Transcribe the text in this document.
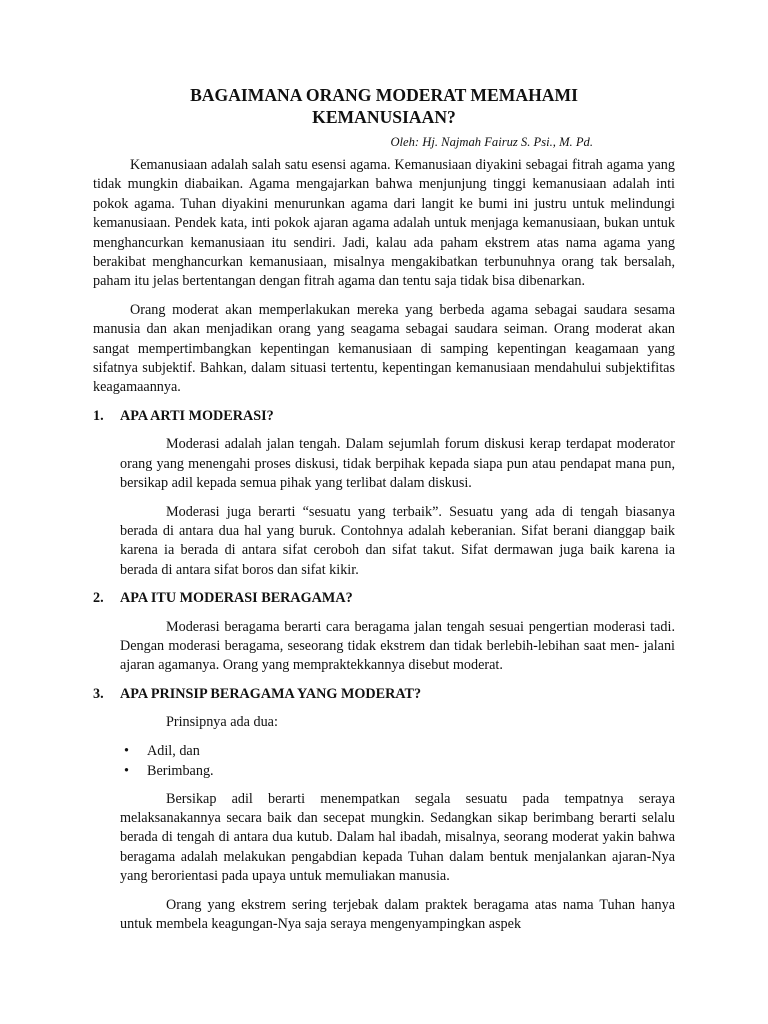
BAGAIMANA ORANG MODERAT MEMAHAMI
KEMANUSIAAN?
Oleh: Hj. Najmah Fairuz S. Psi., M. Pd.

Kemanusiaan adalah salah satu esensi agama. Kemanusiaan diyakini sebagai fitrah agama yang tidak mungkin diabaikan. Agama mengajarkan bahwa menjunjung tinggi kemanusiaan adalah inti pokok agama. Tuhan diyakini menurunkan agama dari langit ke bumi ini justru untuk melindungi kemanusiaan. Pendek kata, inti pokok ajaran agama adalah untuk menjaga kemanusiaan, bukan untuk menghancurkan kemanusiaan itu sendiri. Jadi, kalau ada paham ekstrem atas nama agama yang berakibat menghancurkan kemanusiaan, misalnya mengakibatkan terbunuhnya orang tak bersalah, paham itu jelas bertentangan dengan fitrah agama dan tentu saja tidak bisa dibenarkan.

Orang moderat akan memperlakukan mereka yang berbeda agama sebagai saudara sesama manusia dan akan menjadikan orang yang seagama sebagai saudara seiman. Orang moderat akan sangat mempertimbangkan kepentingan kemanusiaan di samping kepentingan keagamaan yang sifatnya subjektif. Bahkan, dalam situasi tertentu, kepentingan kemanusiaan mendahului subjektifitas keagamaannya.

1.	APA ARTI MODERASI?

Moderasi adalah jalan tengah. Dalam sejumlah forum diskusi kerap terdapat moderator orang yang menengahi proses diskusi, tidak berpihak kepada siapa pun atau pendapat mana pun, bersikap adil kepada semua pihak yang terlibat dalam diskusi.

Moderasi juga berarti “sesuatu yang terbaik”. Sesuatu yang ada di tengah biasanya berada di antara dua hal yang buruk. Contohnya adalah keberanian. Sifat berani dianggap baik karena ia berada di antara sifat ceroboh dan sifat takut. Sifat dermawan juga baik karena ia berada di antara sifat boros dan sifat kikir.

2.	APA ITU MODERASI BERAGAMA?

Moderasi beragama berarti cara beragama jalan tengah sesuai pengertian moderasi tadi. Dengan moderasi beragama, seseorang tidak ekstrem dan tidak berlebih-lebihan saat men- jalani ajaran agamanya. Orang yang mempraktekkannya disebut moderat.

3.	APA PRINSIP BERAGAMA YANG MODERAT?

Prinsipnya ada dua:

•	Adil, dan
•	Berimbang.

Bersikap adil berarti menempatkan segala sesuatu pada tempatnya seraya melaksanakannya secara baik dan secepat mungkin. Sedangkan sikap berimbang berarti selalu berada di tengah di antara dua kutub. Dalam hal ibadah, misalnya, seorang moderat yakin bahwa beragama adalah melakukan pengabdian kepada Tuhan dalam bentuk menjalankan ajaran-Nya yang berorientasi pada upaya untuk memuliakan manusia.

Orang yang ekstrem sering terjebak dalam praktek beragama atas nama Tuhan hanya untuk membela keagungan-Nya saja seraya mengenyampingkan aspek
